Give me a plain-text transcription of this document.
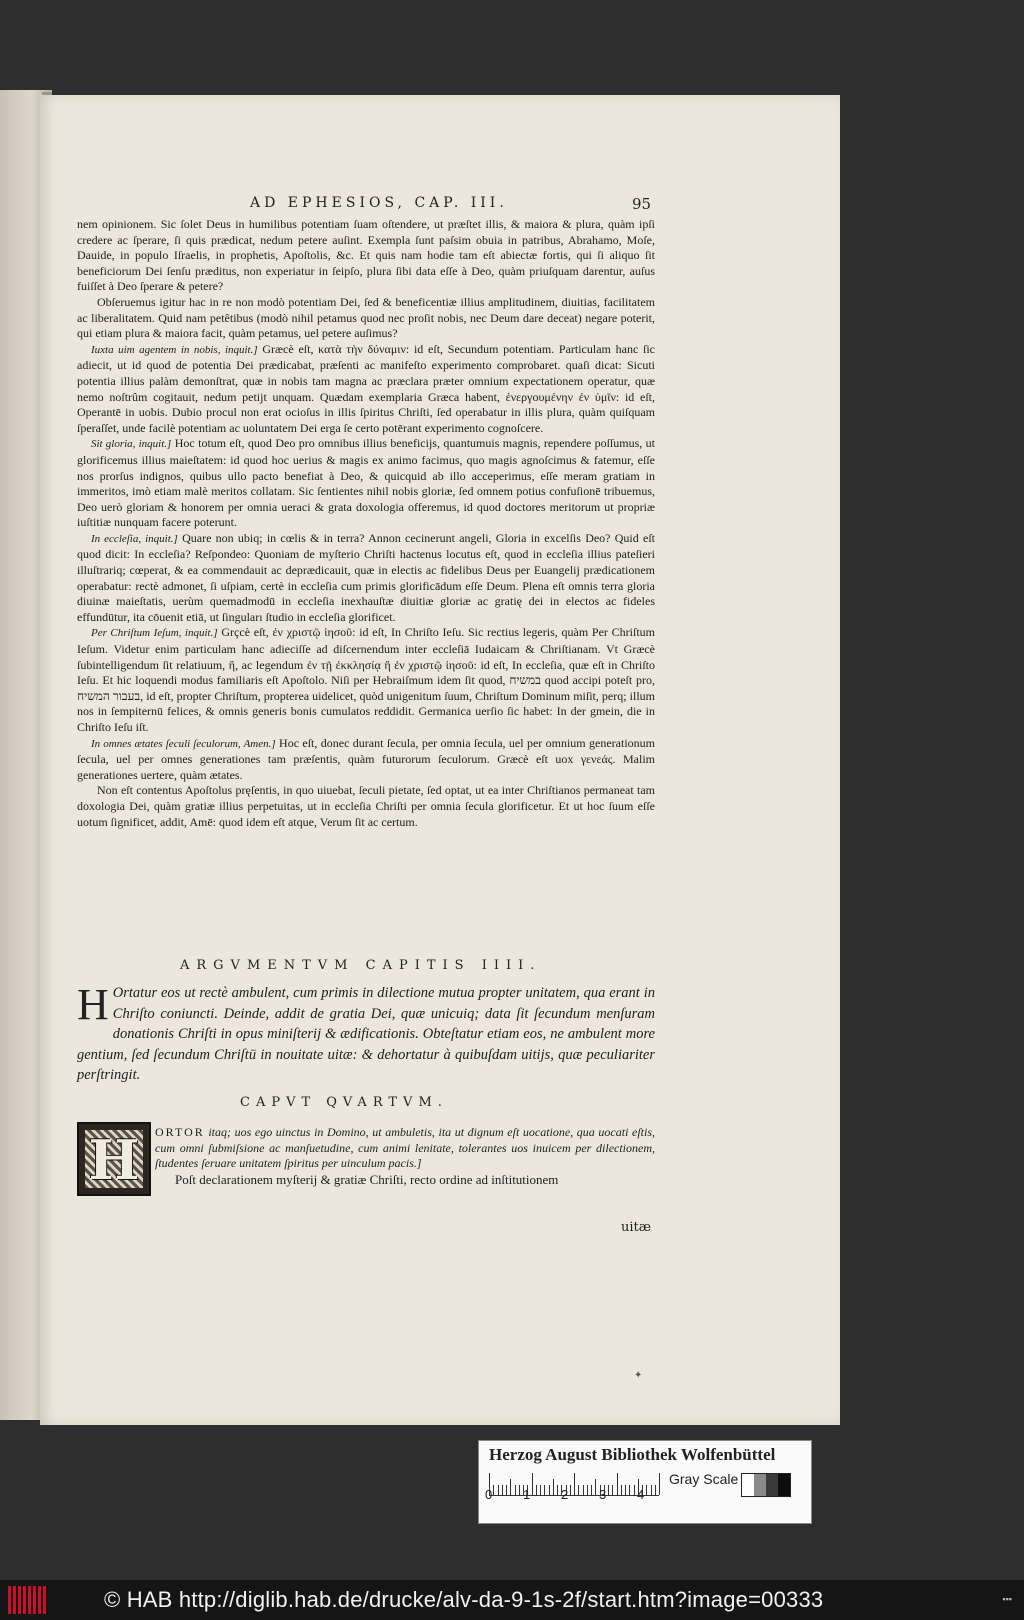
AD EPHESIOS, CAP. III.	95

nem opinionem. Sic ſolet Deus in humilibus potentiam ſuam oſtendere, ut præſtet illis, & maiora & plura, quàm ipſi credere ac ſperare, ſi quis prædicat, nedum petere auſint. Exempla ſunt paſsim obuia in patribus, Abrahamo, Moſe, Dauide, in populo Iſraelis, in prophetis, Apoſtolis, &c. Et quis nam hodie tam eſt abiectæ fortis, qui ſi aliquo ſit beneficiorum Dei ſenſu præditus, non experiatur in ſeipſo, plura ſibi data eſſe à Deo, quàm priuſquam darentur, auſus fuiſſet à Deo ſperare & petere?

Obſeruemus igitur hac in re non modò potentiam Dei, ſed & beneficentiæ illius amplitudinem, diuitias, facilitatem ac liberalitatem. Quid nam petêtibus (modò nihil petamus quod nec proſit nobis, nec Deum dare deceat) negare poterit, qui etiam plura & maiora facit, quàm petamus, uel petere auſimus?

Iuxta uim agentem in nobis, inquit.] Græcè eſt, κατὰ τὴν δύναμιν: id eſt, Secundum potentiam. Particulam hanc ſic adiecit, ut id quod de potentia Dei prædicabat, præſenti ac manifeſto experimento comprobaret. quaſi dicat: Sicuti potentia illius palàm demonſtrat, quæ in nobis tam magna ac præclara præter omnium expectationem operatur, quæ nemo noſtrûm cogitauit, nedum petijt unquam. Quædam exemplaria Græca habent, ἐνεργουμένην ἐν ὑμῖν: id eſt, Operantē in uobis. Dubio procul non erat ocioſus in illis ſpiritus Chriſti, ſed operabatur in illis plura, quàm quiſquam ſperaſſet, unde facilè potentiam ac uoluntatem Dei erga ſe certo potērant experimento cognoſcere.

Sit gloria, inquit.] Hoc totum eſt, quod Deo pro omnibus illius beneficijs, quantumuis magnis, rependere poſſumus, ut glorificemus illius maieſtatem: id quod hoc uerius & magis ex animo facimus, quo magis agnoſcimus & fatemur, eſſe nos prorſus indignos, quibus ullo pacto benefiat à Deo, & quicquid ab illo acceperimus, eſſe meram gratiam in immeritos, imò etiam malè meritos collatam. Sic ſentientes nihil nobis gloriæ, ſed omnem potius confuſionē tribuemus, Deo uerò gloriam & honorem per omnia ueraci & grata doxologia offeremus, id quod doctores meritorum ut propriæ iuſtitiæ nunquam facere poterunt.

In eccleſia, inquit.] Quare non ubiq; in cœlis & in terra? Annon cecinerunt angeli, Gloria in excelſis Deo? Quid eſt quod dicit: In eccleſia? Reſpondeo: Quoniam de myſterio Chriſti hactenus locutus eſt, quod in eccleſia illius pateſieri illuſtrariq; cœperat, & ea commendauit ac deprædicauit, quæ in electis ac fidelibus Deus per Euangelij prædicationem operabatur: rectè admonet, ſi uſpiam, certè in eccleſia cum primis glorificādum eſſe Deum. Plena eſt omnis terra gloria diuinæ maieſtatis, uerùm quemadmodū in eccleſia inexhauſtæ diuitiæ gloriæ ac gratię dei in electos ac fideles effundūtur, ita cōuenit etiā, ut ſinguları ſtudio in eccleſia glorificet.

Per Chriſtum Ieſum, inquit.] Grçcè eſt, ἐν χριστῷ ἰησοῦ: id eſt, In Chriſto Ieſu. Sic rectius legeris, quàm Per Chriſtum Ieſum. Videtur enim particulam hanc adieciſſe ad diſcernendum inter eccleſiā Iudaicam & Chriſtianam. Vt Græcè ſubintelligendum ſit relatiuum, ἣ, ac legendum ἐν τῇ ἐκκλησίᾳ ἣ ἐν χριστῷ ἰησοῦ: id eſt, In eccleſia, quæ eſt in Chriſto Ieſu. Et hic loquendi modus familiaris eſt Apoſtolo. Niſi per Hebraiſmum idem ſit quod, במשיח quod accipi poteſt pro, בעבור המשיח, id eſt, propter Chriſtum, propterea uidelicet, quòd unigenitum ſuum, Chriſtum Dominum miſit, perq; illum nos in ſempiternū felices, & omnis generis bonis cumulatos reddidit. Germanica uerſio ſic habet: In der gmein, die in Chriſto Ieſu iſt.

In omnes ætates ſeculi ſeculorum, Amen.] Hoc eſt, donec durant ſecula, per omnia ſecula, uel per omnium generationum ſecula, uel per omnes generationes tam præſentis, quàm futurorum ſeculorum. Græcè eſt uox γενεάς. Malim generationes uertere, quàm ætates.

Non eſt contentus Apoſtolus pręſentis, in quo uiuebat, ſeculi pietate, ſed optat, ut ea inter Chriſtianos permaneat tam doxologia Dei, quàm gratiæ illius perpetuitas, ut in eccleſia Chriſti per omnia ſecula glorificetur. Et ut hoc ſuum eſſe uotum ſignificet, addit, Amē: quod idem eſt atque, Verum ſit ac certum.

ARGVMENTVM CAPITIS IIII.
H Ortatur eos ut rectè ambulent, cum primis in dilectione mutua propter unitatem, qua erant in Chriſto coniuncti. Deinde, addit de gratia Dei, quæ unicuiq; data ſit ſecundum menſuram donationis Chriſti in opus miniſterij & ædificationis. Obteſtatur etiam eos, ne ambulent more gentium, ſed ſecundum Chriſtū in nouitate uitæ: & dehortatur à quibuſdam uitijs, quæ peculiariter perſtringit.
CAPVT QVARTVM.
H	ORTOR itaq; uos ego uinctus in Domino, ut ambuletis, ita ut dignum eſt uocatione, qua uocati eſtis, cum omni ſubmiſsione ac manſuetudine, cum animi lenitate, tolerantes uos inuicem per dilectionem, ſtudentes ſeruare unitatem ſpiritus per uinculum pacis.]
Poſt declarationem myſterij & gratiæ Chriſti, recto ordine ad inſtitutionem
uitæ
✦
Herzog August Bibliothek Wolfenbüttel
0 1 2 3 4
Gray Scale
© HAB http://diglib.hab.de/drucke/alv-da-9-1s-2f/start.htm?image=00333	▪▪▪
